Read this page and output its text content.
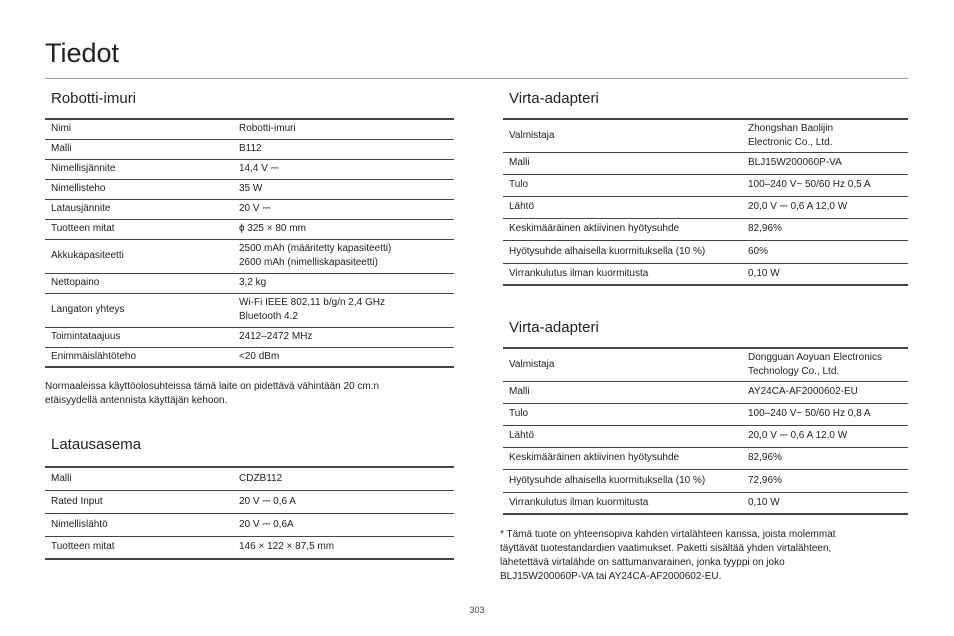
Tiedot
Robotti-imuri
Nimi	Robotti-imuri
Malli	B112
Nimellisjännite	14,4 V ⎓
Nimellisteho	35 W
Latausjännite	20 V ⎓
Tuotteen mitat	ɸ 325 × 80 mm
Akkukapasiteetti	2500 mAh (määritetty kapasiteetti)
2600 mAh (nimelliskapasiteetti)
Nettopaino	3,2 kg
Langaton yhteys	Wi-Fi IEEE 802,11 b/g/n 2,4 GHz
Bluetooth 4.2
Toimintataajuus	2412–2472 MHz
Enimmäislähtöteho	<20 dBm
Normaaleissa käyttöolosuhteissa tämä laite on pidettävä vähintään 20 cm:n
etäisyydellä antennista käyttäjän kehoon.
Latausasema
Malli	CDZB112
Rated Input	20 V ⎓ 0,6 A
Nimellislähtö	20 V ⎓ 0,6A
Tuotteen mitat	146 × 122 × 87,5 mm
Virta-adapteri
Valmistaja	Zhongshan Baolijin
Electronic Co., Ltd.
Malli	BLJ15W200060P-VA
Tulo	100–240 V~ 50/60 Hz 0,5 A
Lähtö	20,0 V ⎓ 0,6 A 12,0 W
Keskimääräinen aktiivinen hyötysuhde	82,96%
Hyötysuhde alhaisella kuormituksella (10 %)	60%
Virrankulutus ilman kuormitusta	0,10 W
Virta-adapteri
Valmistaja	Dongguan Aoyuan Electronics
Technology Co., Ltd.
Malli	AY24CA-AF2000602-EU
Tulo	100–240 V~ 50/60 Hz 0,8 A
Lähtö	20,0 V ⎓ 0,6 A 12,0 W
Keskimääräinen aktiivinen hyötysuhde	82,96%
Hyötysuhde alhaisella kuormituksella (10 %)	72,96%
Virrankulutus ilman kuormitusta	0,10 W
* Tämä tuote on yhteensopiva kahden virtalähteen kanssa, joista molemmat
täyttävät tuotestandardien vaatimukset. Paketti sisältää yhden virtalähteen,
lähetettävä virtalähde on sattumanvarainen, jonka tyyppi on joko
BLJ15W200060P-VA tai AY24CA-AF2000602-EU.
303
